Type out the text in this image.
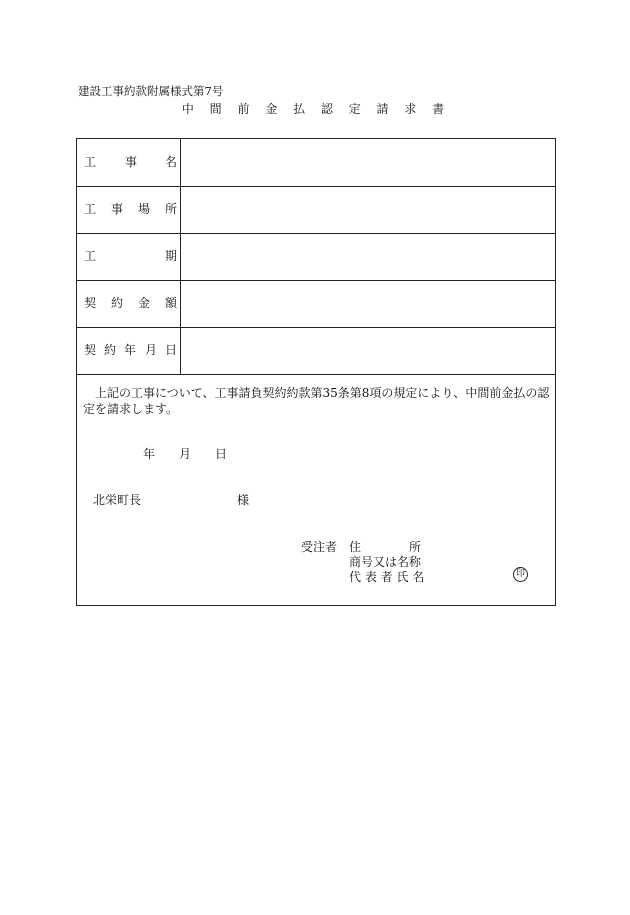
建設工事約款附属様式第7号
中 間 前 金 払 認 定 請 求 書
工 事 名
工 事 場 所
工	期
契 約 金 額
契 約 年 月 日
上記の工事について、工事請負契約約款第35条第8項の規定により、中間前金払の認定を請求します。
年 月 日
北栄町長	様
受注者 住	所
商号又は名称
代 表 者 氏 名	印
